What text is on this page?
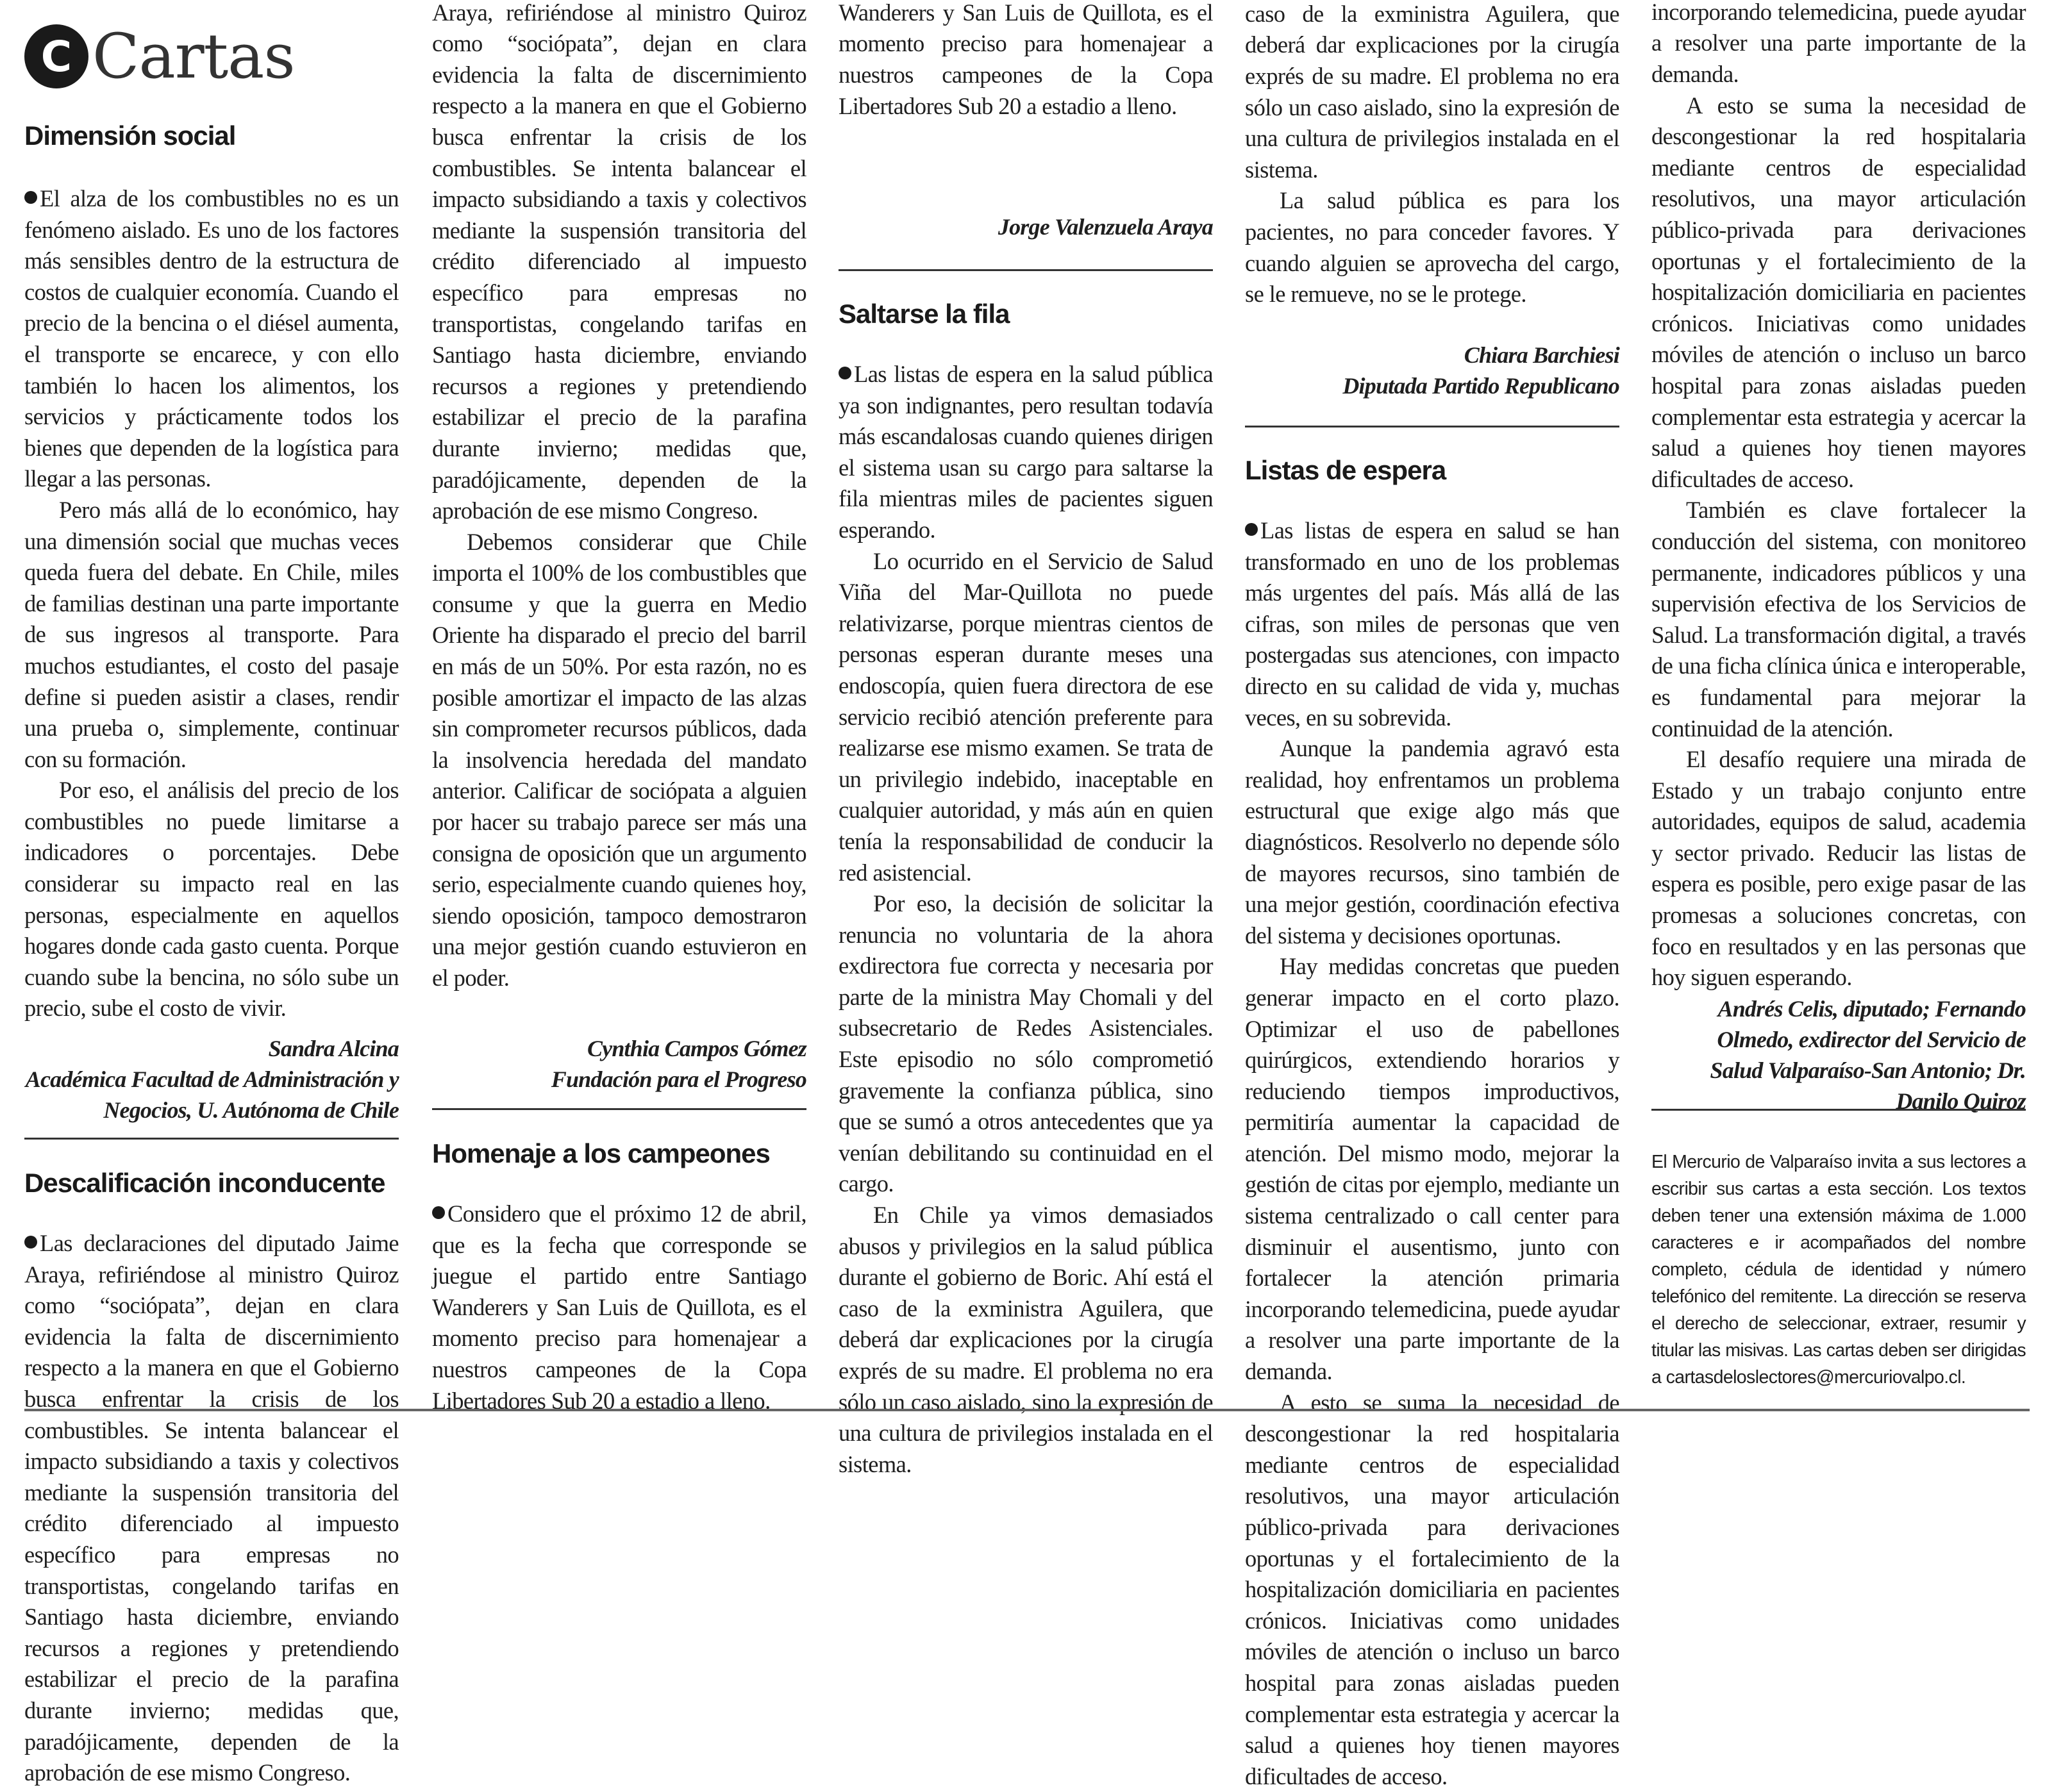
C Cartas
Dimensión social

El alza de los combustibles no es un fenómeno aislado. Es uno de los factores más sensibles dentro de la estructura de costos de cualquier economía. Cuando el precio de la bencina o el diésel aumenta, el transporte se encarece, y con ello también lo hacen los alimentos, los servicios y prácticamente todos los bienes que dependen de la logística para llegar a las personas.

Pero más allá de lo económico, hay una dimensión social que muchas veces queda fuera del debate. En Chile, miles de familias destinan una parte importante de sus ingresos al transporte. Para muchos estudiantes, el costo del pasaje define si pueden asistir a clases, rendir una prueba o, simplemente, continuar con su formación.

Por eso, el análisis del precio de los combustibles no puede limitarse a indicadores o porcentajes. Debe considerar su impacto real en las personas, especialmente en aquellos hogares donde cada gasto cuenta. Porque cuando sube la bencina, no sólo sube un precio, sube el costo de vivir.

Sandra Alcina
Académica Facultad de Administración y Negocios, U. Autónoma de Chile
Descalificación inconducente

Las declaraciones del diputado Jaime Araya, refiriéndose al ministro Quiroz como “sociópata”, dejan en clara evidencia la falta de discernimiento respecto a la manera en que el Gobierno busca enfrentar la crisis de los combustibles. Se intenta balancear el impacto subsidiando a taxis y colectivos mediante la suspensión transitoria del crédito diferenciado al impuesto específico para empresas no transportistas, congelando tarifas en Santiago hasta diciembre, enviando recursos a regiones y pretendiendo estabilizar el precio de la parafina durante invierno; medidas que, paradójicamente, dependen de la aprobación de ese mismo Congreso.

Araya, refiriéndose al ministro Quiroz como “sociópata”, dejan en clara evidencia la falta de discernimiento respecto a la manera en que el Gobierno busca enfrentar la crisis de los combustibles. Se intenta balancear el impacto subsidiando a taxis y colectivos mediante la suspensión transitoria del crédito diferenciado al impuesto específico para empresas no transportistas, congelando tarifas en Santiago hasta diciembre, enviando recursos a regiones y pretendiendo estabilizar el precio de la parafina durante invierno; medidas que, paradójicamente, dependen de la aprobación de ese mismo Congreso.

Debemos considerar que Chile importa el 100% de los combustibles que consume y que la guerra en Medio Oriente ha disparado el precio del barril en más de un 50%. Por esta razón, no es posible amortizar el impacto de las alzas sin comprometer recursos públicos, dada la insolvencia heredada del mandato anterior. Calificar de sociópata a alguien por hacer su trabajo parece ser más una consigna de oposición que un argumento serio, especialmente cuando quienes hoy, siendo oposición, tampoco demostraron una mejor gestión cuando estuvieron en el poder.

Cynthia Campos Gómez
Fundación para el Progreso
Homenaje a los campeones

Considero que el próximo 12 de abril, que es la fecha que corresponde se juegue el partido entre Santiago Wanderers y San Luis de Quillota, es el momento preciso para homenajear a nuestros campeones de la Copa Libertadores Sub 20 a estadio a lleno.

Wanderers y San Luis de Quillota, es el momento preciso para homenajear a nuestros campeones de la Copa Libertadores Sub 20 a estadio a lleno.

Jorge Valenzuela Araya
Saltarse la fila

Las listas de espera en la salud pública ya son indignantes, pero resultan todavía más escandalosas cuando quienes dirigen el sistema usan su cargo para saltarse la fila mientras miles de pacientes siguen esperando.

Lo ocurrido en el Servicio de Salud Viña del Mar-Quillota no puede relativizarse, porque mientras cientos de personas esperan durante meses una endoscopía, quien fuera directora de ese servicio recibió atención preferente para realizarse ese mismo examen. Se trata de un privilegio indebido, inaceptable en cualquier autoridad, y más aún en quien tenía la responsabilidad de conducir la red asistencial.

Por eso, la decisión de solicitar la renuncia no voluntaria de la ahora exdirectora fue correcta y necesaria por parte de la ministra May Chomali y del subsecretario de Redes Asistenciales. Este episodio no sólo comprometió gravemente la confianza pública, sino que se sumó a otros antecedentes que ya venían debilitando su continuidad en el cargo.

En Chile ya vimos demasiados abusos y privilegios en la salud pública durante el gobierno de Boric. Ahí está el caso de la exministra Aguilera, que deberá dar explicaciones por la cirugía exprés de su madre. El problema no era sólo un caso aislado, sino la expresión de una cultura de privilegios instalada en el sistema.

caso de la exministra Aguilera, que deberá dar explicaciones por la cirugía exprés de su madre. El problema no era sólo un caso aislado, sino la expresión de una cultura de privilegios instalada en el sistema.

La salud pública es para los pacientes, no para conceder favores. Y cuando alguien se aprovecha del cargo, se le remueve, no se le protege.

Chiara Barchiesi
Diputada Partido Republicano
Listas de espera

Las listas de espera en salud se han transformado en uno de los problemas más urgentes del país. Más allá de las cifras, son miles de personas que ven postergadas sus atenciones, con impacto directo en su calidad de vida y, muchas veces, en su sobrevida.

Aunque la pandemia agravó esta realidad, hoy enfrentamos un problema estructural que exige algo más que diagnósticos. Resolverlo no depende sólo de mayores recursos, sino también de una mejor gestión, coordinación efectiva del sistema y decisiones oportunas.

Hay medidas concretas que pueden generar impacto en el corto plazo. Optimizar el uso de pabellones quirúrgicos, extendiendo horarios y reduciendo tiempos improductivos, permitiría aumentar la capacidad de atención. Del mismo modo, mejorar la gestión de citas por ejemplo, mediante un sistema centralizado o call center para disminuir el ausentismo, junto con fortalecer la atención primaria incorporando telemedicina, puede ayudar a resolver una parte importante de la demanda.

A esto se suma la necesidad de descongestionar la red hospitalaria mediante centros de especialidad resolutivos, una mayor articulación público-privada para derivaciones oportunas y el fortalecimiento de la hospitalización domiciliaria en pacientes crónicos. Iniciativas como unidades móviles de atención o incluso un barco hospital para zonas aisladas pueden complementar esta estrategia y acercar la salud a quienes hoy tienen mayores dificultades de acceso.

incorporando telemedicina, puede ayudar a resolver una parte importante de la demanda.

A esto se suma la necesidad de descongestionar la red hospitalaria mediante centros de especialidad resolutivos, una mayor articulación público-privada para derivaciones oportunas y el fortalecimiento de la hospitalización domiciliaria en pacientes crónicos. Iniciativas como unidades móviles de atención o incluso un barco hospital para zonas aisladas pueden complementar esta estrategia y acercar la salud a quienes hoy tienen mayores dificultades de acceso.

También es clave fortalecer la conducción del sistema, con monitoreo permanente, indicadores públicos y una supervisión efectiva de los Servicios de Salud. La transformación digital, a través de una ficha clínica única e interoperable, es fundamental para mejorar la continuidad de la atención.

El desafío requiere una mirada de Estado y un trabajo conjunto entre autoridades, equipos de salud, academia y sector privado. Reducir las listas de espera es posible, pero exige pasar de las promesas a soluciones concretas, con foco en resultados y en las personas que hoy siguen esperando.

Andrés Celis, diputado; Fernando Olmedo, exdirector del Servicio de Salud Valparaíso-San Antonio; Dr. Danilo Quiroz
El Mercurio de Valparaíso invita a sus lectores a escribir sus cartas a esta sección. Los textos deben tener una extensión máxima de 1.000 caracteres e ir acompañados del nombre completo, cédula de identidad y número telefónico del remitente. La dirección se reserva el derecho de seleccionar, extraer, resumir y titular las misivas. Las cartas deben ser dirigidas a cartasdeloslectores@mercuriovalpo.cl.
